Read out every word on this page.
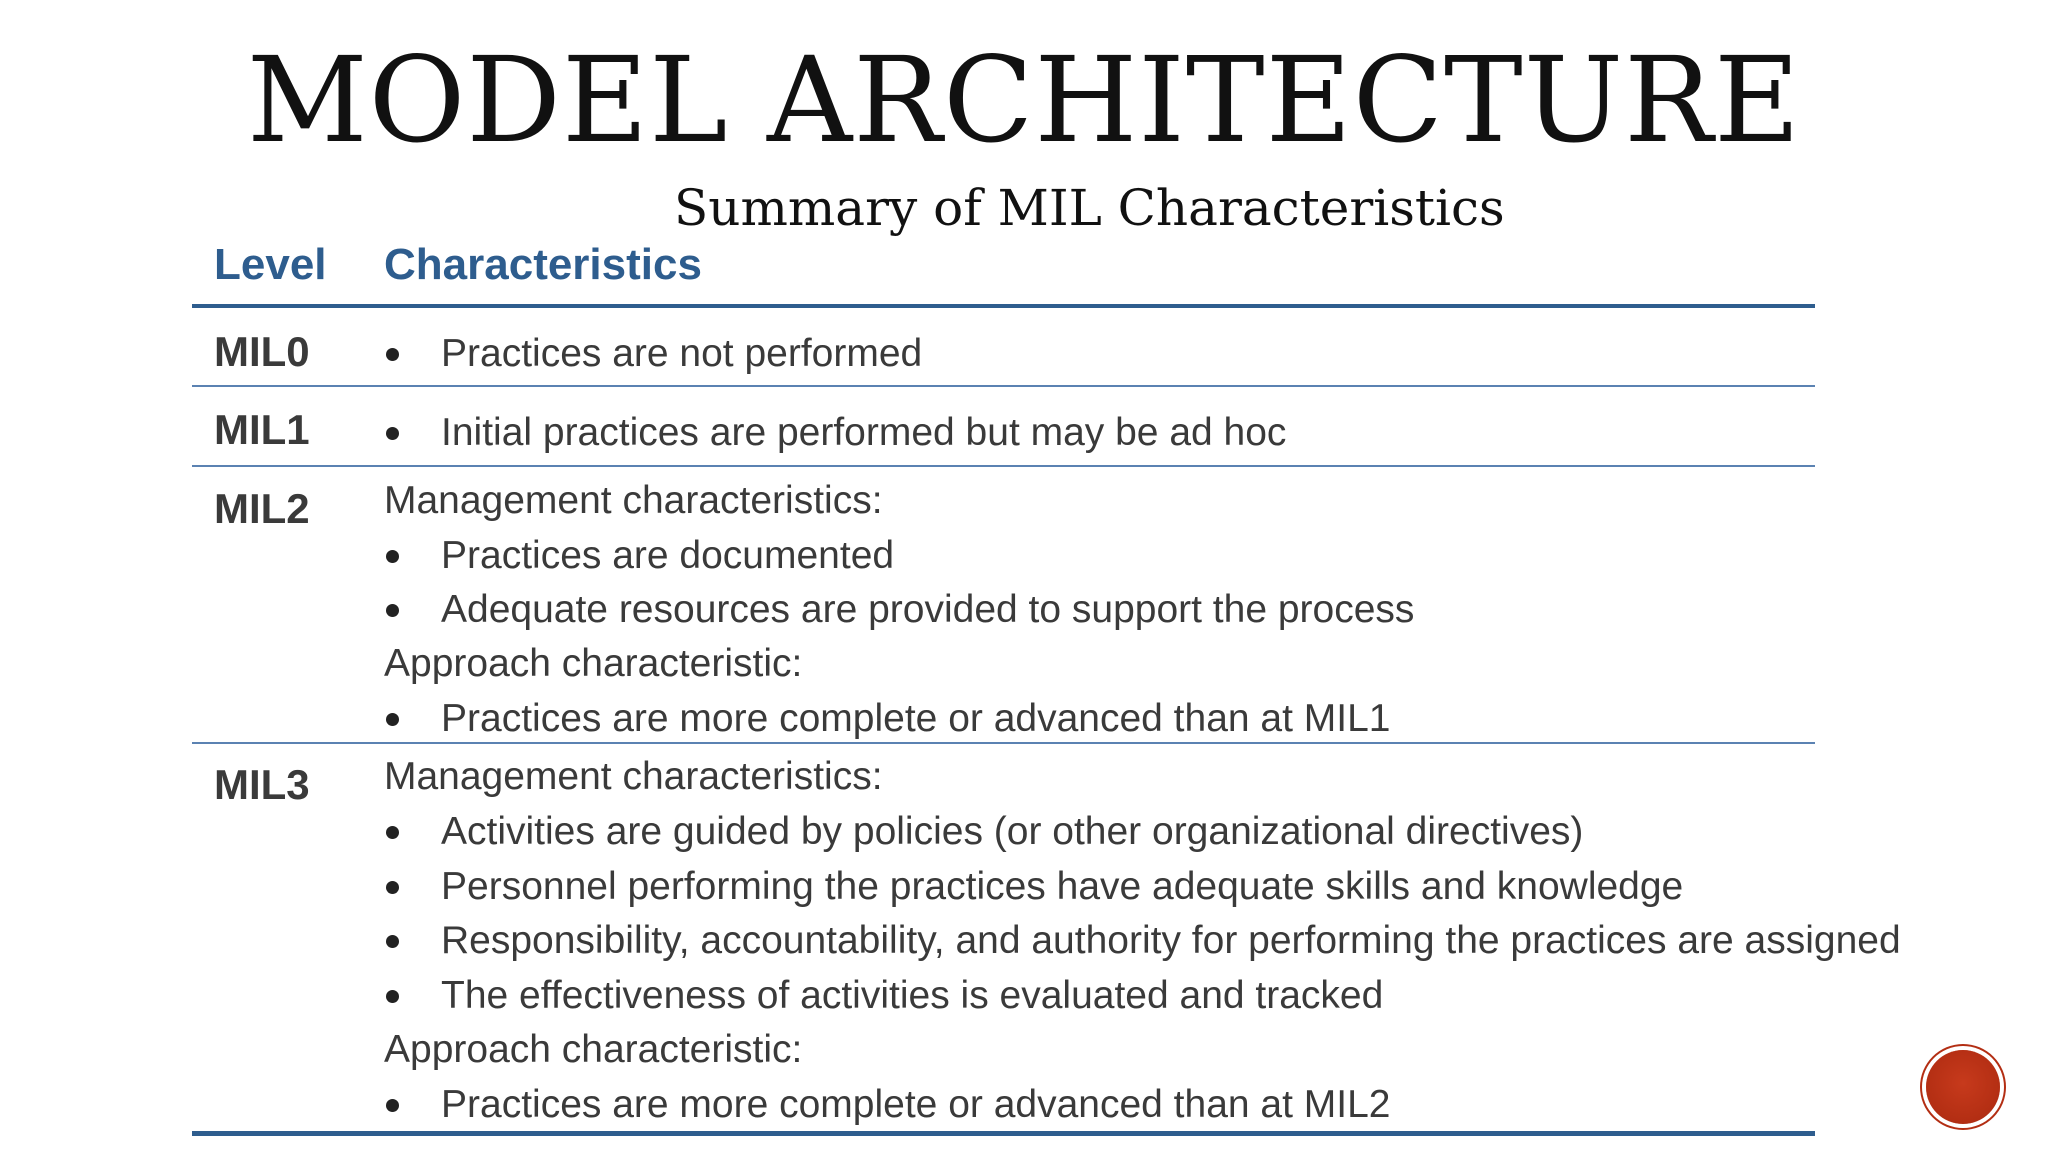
MODEL ARCHITECTURE
Summary of MIL Characteristics
Level Characteristics
MIL0	Practices are not performed
MIL1	Initial practices are performed but may be ad hoc
MIL2 Management characteristics:
Practices are documented
Adequate resources are provided to support the process
Approach characteristic:
Practices are more complete or advanced than at MIL1
MIL3 Management characteristics:
Activities are guided by policies (or other organizational directives)
Personnel performing the practices have adequate skills and knowledge
Responsibility, accountability, and authority for performing the practices are assigned
The effectiveness of activities is evaluated and tracked
Approach characteristic:
Practices are more complete or advanced than at MIL2
